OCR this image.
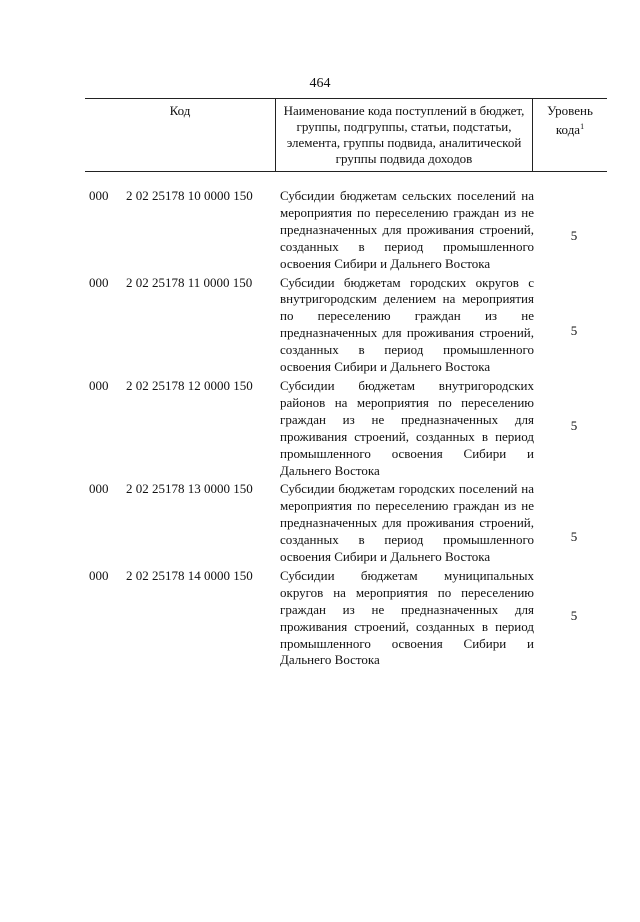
464
Код	Наименование кода поступлений в бюджет, группы, подгруппы, статьи, подстатьи, элемента, группы подвида, аналитической группы подвида доходов
Уровень кода$^1$
000 2 02 25178 10 0000 150 Субсидии бюджетам сельских поселений на мероприятия по переселению граждан из не предназначенных для проживания строений, созданных в период промышленного освоения Сибири и Дальнего Востока
5
000 2 02 25178 11 0000 150 Субсидии бюджетам городских округов с внутригородским делением на мероприятия по переселению граждан из не предназначенных для проживания строений, созданных в период промышленного освоения Сибири и Дальнего Востока
5
000 2 02 25178 12 0000 150 Субсидии бюджетам внутригородских районов на мероприятия по переселению граждан из не предназначенных для проживания строений, созданных в период промышленного освоения Сибири и Дальнего Востока
5
000 2 02 25178 13 0000 150 Субсидии бюджетам городских поселений на мероприятия по переселению граждан из не предназначенных для проживания строений, созданных в период промышленного освоения Сибири и Дальнего Востока
5
000 2 02 25178 14 0000 150 Субсидии бюджетам муниципальных округов на мероприятия по переселению граждан из не предназначенных для проживания строений, созданных в период промышленного освоения Сибири и Дальнего Востока
5
